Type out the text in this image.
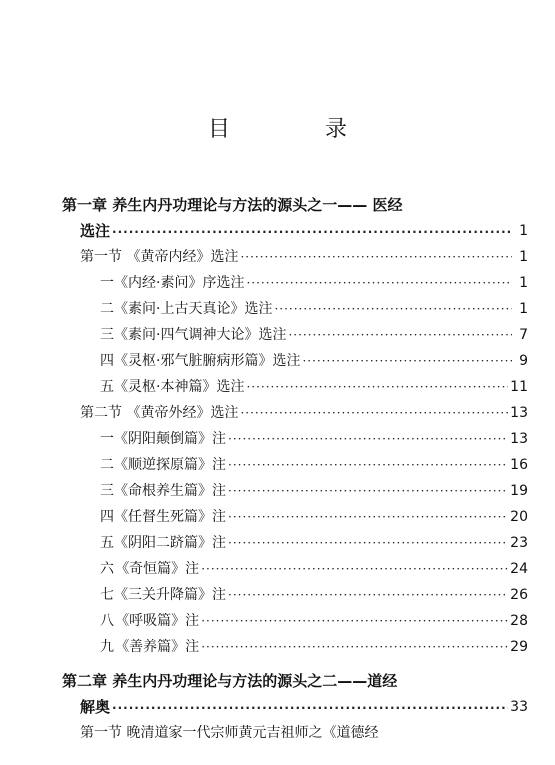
目 录
第一章 养生内丹功理论与方法的源头之一—— 医经
选注 ·····	1
第一节 《黄帝内经》选注 ·····	1
一 《内经·素问》序选注 ·····	1
二 《素问·上古天真论》选注 ·····	1
三 《素问·四气调神大论》选注 ·····	7
四 《灵枢·邪气脏腑病形篇》选注 ·····	9
五 《灵枢·本神篇》选注 ·····	11
第二节 《黄帝外经》选注 ·····	13
一 《阴阳颠倒篇》注 ·····	13
二 《顺逆探原篇》注 ·····	16
三 《命根养生篇》注 ·····	19
四 《任督生死篇》注 ·····	20
五 《阴阳二跻篇》注 ·····	23
六 《奇恒篇》注 ·····	24
七 《三关升降篇》注 ·····	26
八 《呼吸篇》注 ·····	28
九 《善养篇》注 ·····	29
第二章 养生内丹功理论与方法的源头之二——道经
解奥 ·····	33
第一节 晚清道家一代宗师黄元吉祖师之《道德经
